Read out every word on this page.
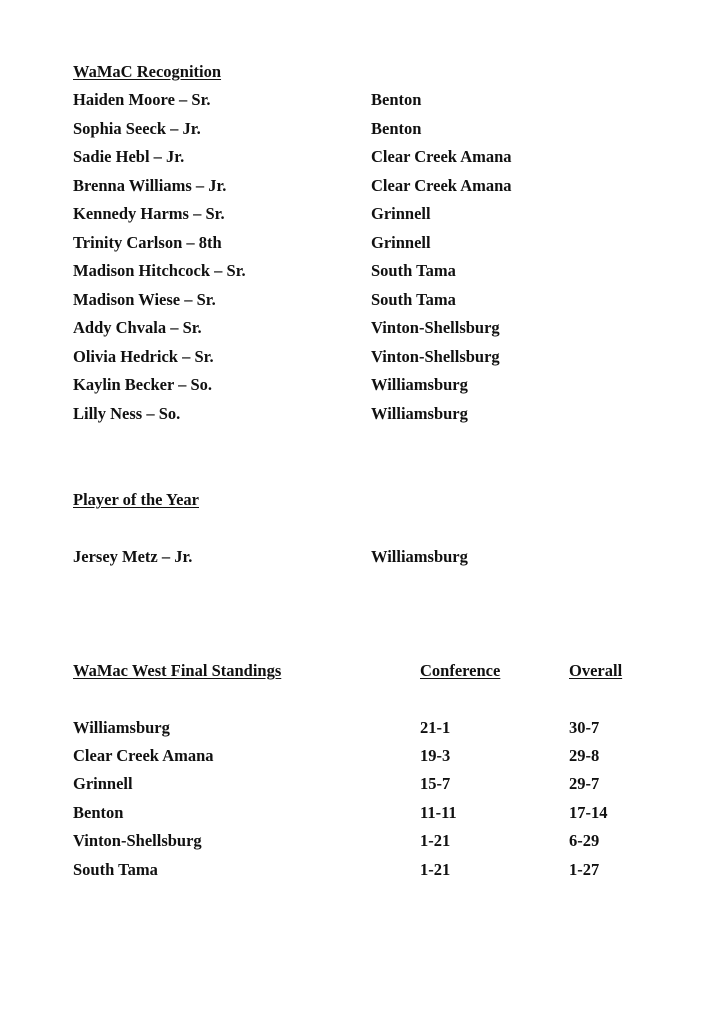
WaMaC Recognition
Haiden Moore – Sr.	Benton
Sophia Seeck – Jr.	Benton
Sadie Hebl – Jr.	Clear Creek Amana
Brenna Williams – Jr.	Clear Creek Amana
Kennedy Harms – Sr.	Grinnell
Trinity Carlson – 8th	Grinnell
Madison Hitchcock – Sr.	South Tama
Madison Wiese – Sr.	South Tama
Addy Chvala – Sr.	Vinton-Shellsburg
Olivia Hedrick – Sr.	Vinton-Shellsburg
Kaylin Becker – So.	Williamsburg
Lilly Ness – So.	Williamsburg
Player of the Year
Jersey Metz – Jr.	Williamsburg
WaMac West Final Standings	Conference	Overall
Williamsburg	21-1	30-7
Clear Creek Amana	19-3	29-8
Grinnell	15-7	29-7
Benton	11-11	17-14
Vinton-Shellsburg	1-21	6-29
South Tama	1-21	1-27
